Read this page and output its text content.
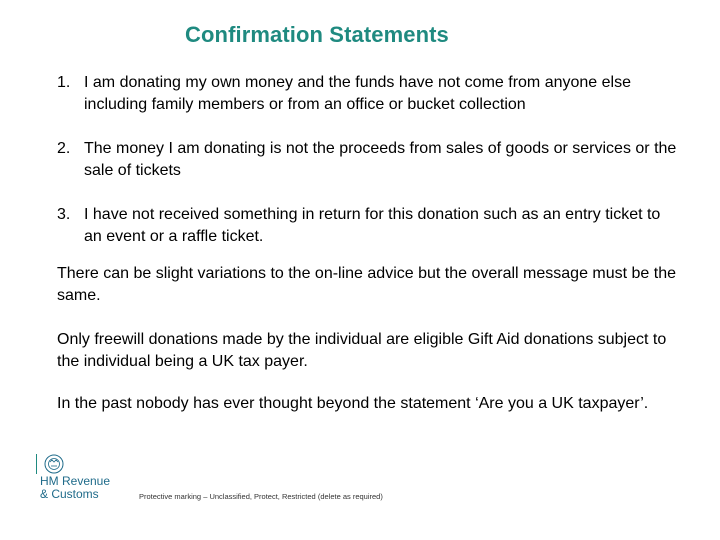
Confirmation Statements
1. I am donating my own money and the funds have not come from anyone else including family members or from an office or bucket collection
2. The money I am donating is not the proceeds from sales of goods or services or the sale of tickets
3. I have not received something in return for this donation such as an entry ticket to an event or a raffle ticket.

There can be slight variations to the on-line advice but the overall message must be the same.

Only freewill donations made by the individual are eligible Gift Aid donations subject to the individual being a UK tax payer.

In the past nobody has ever thought beyond the statement ‘Are you a UK taxpayer’.

HM Revenue
& Customs	Protective marking – Unclassified, Protect, Restricted (delete as required)
